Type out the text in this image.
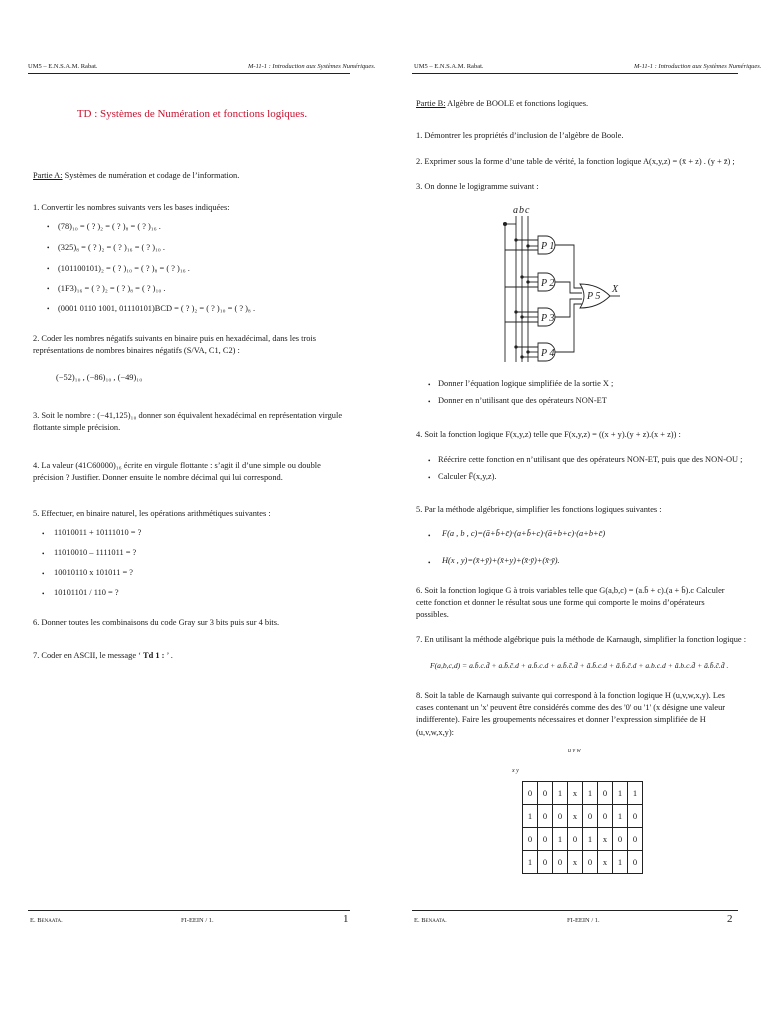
UM5 – E.N.S.A.M. Rabat.	M-11-1 : Introduction aux Systèmes Numériques.
TD : Systèmes de Numération et fonctions logiques.
Partie A: Systèmes de numération et codage de l’information.
1. Convertir les nombres suivants vers les bases indiquées:
• (78)₁₀ = ( ? )₂ = ( ? )₈ = ( ? )₁₆ .
• (325)₈ = ( ? )₂ = ( ? )₁₆ = ( ? )₁₀ .
• (101100101)₂ = ( ? )₁₀ = ( ? )₈ = ( ? )₁₆ .
• (1F3)₁₆ = ( ? )₂ = ( ? )₈ = ( ? )₁₀ .
• (0001 0110 1001, 01110101)BCD = ( ? )₂ = ( ? )₁₀ = ( ? )₈ .
2. Coder les nombres négatifs suivants en binaire puis en hexadécimal, dans les trois représentations de nombres binaires négatifs (S/VA, C1, C2) :
(−52)₁₀ , (−86)₁₀ , (−49)₁₀
3. Soit le nombre : (−41,125)₁₀ donner son équivalent hexadécimal en représentation virgule flottante simple précision.
4. La valeur (41C60000)₁₆ écrite en virgule flottante : s’agit il d’une simple ou double précision ? Justifier. Donner ensuite le nombre décimal qui lui correspond.
5. Effectuer, en binaire naturel, les opérations arithmétiques suivantes :
• 11010011 + 10111010 = ?
• 11010010 – 1111011 = ?
• 10010110 x 101011 = ?
• 10101101 / 110 = ?
6. Donner toutes les combinaisons du code Gray sur 3 bits puis sur 4 bits.
7. Coder en ASCII, le message ‘ Td 1 : ’ .
E. Benaata.	FI-EEIN / 1.	1
UM5 – E.N.S.A.M. Rabat.	M-11-1 : Introduction aux Systèmes Numériques.
Partie B: Algèbre de BOOLE et fonctions logiques.
1. Démontrer les propriétés d’inclusion de l’algèbre de Boole.
2. Exprimer sous la forme d’une table de vérité, la fonction logique A(x,y,z) = (x̄ + z) . (y + z̄) ;
3. On donne le logigramme suivant :
a b c
P 1
P 2
P 3
P 4
P 5
X
• Donner l’équation logique simplifiée de la sortie X ;
• Donner en n’utilisant que des opérateurs NON-ET
4. Soit la fonction logique F(x,y,z) telle que F(x,y,z) = ((x + y).(y + z).(x + z)) :
• Réécrire cette fonction en n’utilisant que des opérateurs NON-ET, puis que des NON-OU ;
• Calculer F̄(x,y,z).
5. Par la méthode algébrique, simplifier les fonctions logiques suivantes :
• F(a , b , c)=(ā+b̄+c̄)·(a+b̄+c)·(ā+b+c)·(a+b+c̄)
• H(x , y)=(x̄+ȳ)+(x̄+y)+(x̄·ȳ)+(x̄·ȳ).
6. Soit la fonction logique G à trois variables telle que G(a,b,c) = (a.b̄ + c).(a + b̄).c Calculer cette fonction et donner le résultat sous une forme qui comporte le moins d’opérateurs possibles.
7. En utilisant la méthode algébrique puis la méthode de Karnaugh, simplifier la fonction logique :
F(a,b,c,d) = a.b̄.c.d̄ + a.b̄.c̄.d + a.b̄.c.d + a.b̄.c̄.d̄ + ā.b̄.c.d + ā.b̄.c̄.d + a.b.c.d + ā.b.c.d̄ + ā.b̄.c̄.d̄ .
8. Soit la table de Karnaugh suivante qui correspond à la fonction logique H (u,v,w,x,y). Les cases contenant un 'x' peuvent être considérés comme des des '0' ou '1' (x désigne une valeur indifferente). Faire les groupements nécessaires et donner l’expression simplifiée de H (u,v,w,x,y):
u v w
x y
0	0	1	x	1	0	1	1
1	0	0	x	0	0	1	0
0	0	1	0	1	x	0	0
1	0	0	x	0	x	1	0
E. Benaata.	FI-EEIN / 1.	2
